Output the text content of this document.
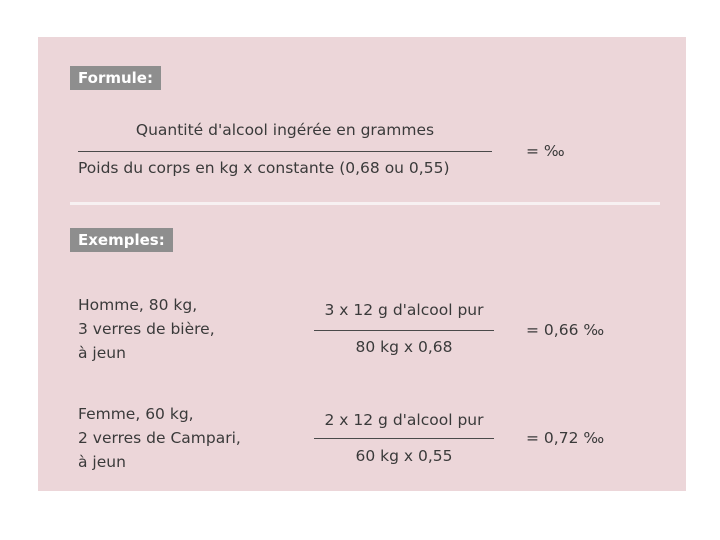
Formule:
Quantité d'alcool ingérée en grammes
Poids du corps en kg x constante (0,68 ou 0,55)
= ‰
Exemples:
Homme, 80 kg,
3 verres de bière,
à jeun
3 x 12 g d'alcool pur
80 kg x 0,68
= 0,66 ‰
Femme, 60 kg,
2 verres de Campari,
à jeun
2 x 12 g d'alcool pur
60 kg x 0,55
= 0,72 ‰
